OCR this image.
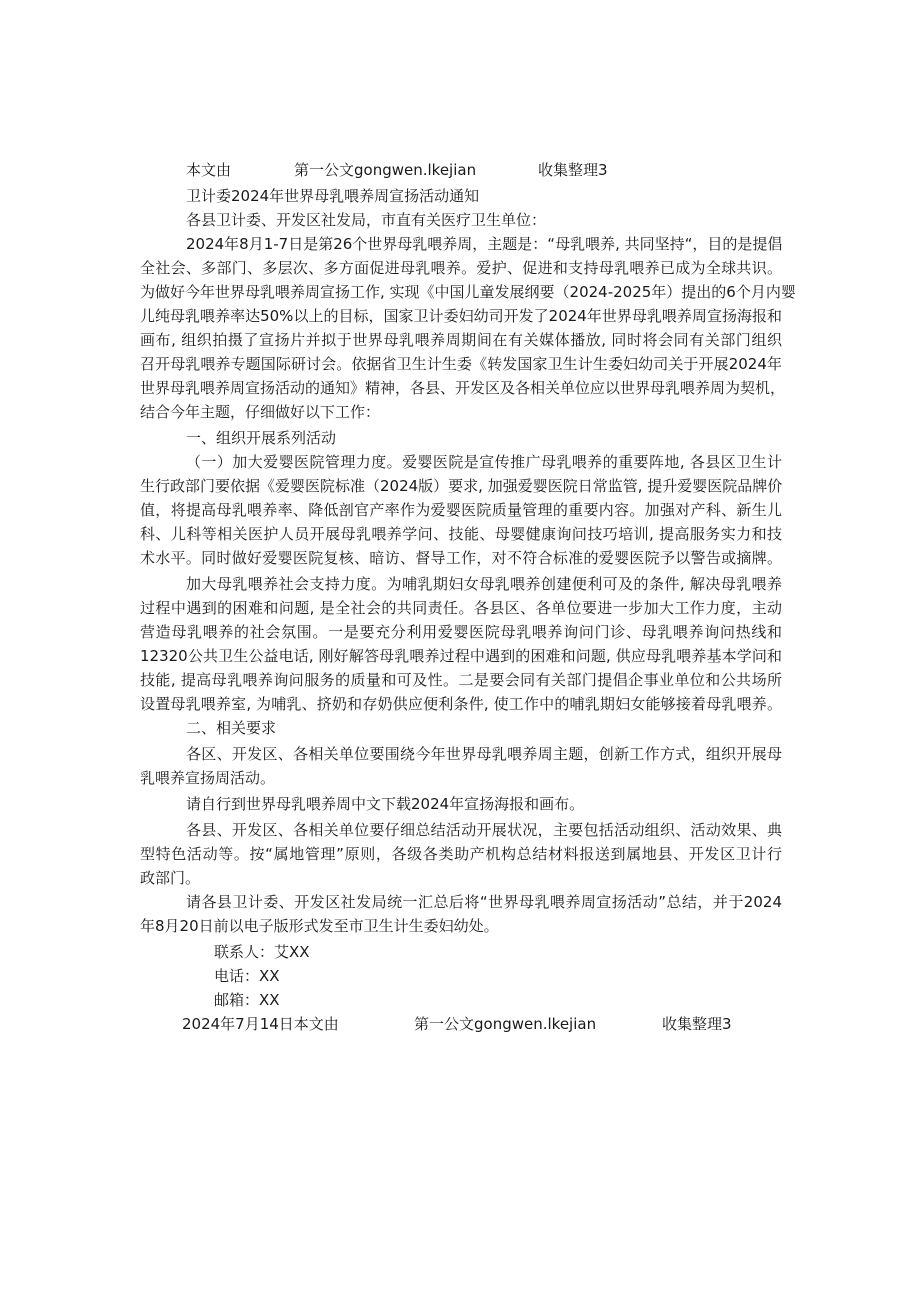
本文由	第一公文gongwen.lkejian	收集整理3
卫计委2024年世界母乳喂养周宣扬活动通知
各县卫计委、开发区社发局，市直有关医疗卫生单位：
2024年8月1-7日是第26个世界母乳喂养周，主题是：“母乳喂养, 共同坚持“，目的是提倡
全社会、多部门、多层次、多方面促进母乳喂养。爱护、促进和支持母乳喂养已成为全球共识。
为做好今年世界母乳喂养周宣扬工作, 实现《中国儿童发展纲要（2024-2025年）提出的6个月内婴
儿纯母乳喂养率达50%以上的目标，国家卫计委妇幼司开发了2024年世界母乳喂养周宣扬海报和
画布, 组织拍摄了宣扬片并拟于世界母乳喂养周期间在有关媒体播放, 同时将会同有关部门组织
召开母乳喂养专题国际研讨会。依据省卫生计生委《转发国家卫生计生委妇幼司关于开展2024年
世界母乳喂养周宣扬活动的通知》精神，各县、开发区及各相关单位应以世界母乳喂养周为契机，
结合今年主题，仔细做好以下工作：
一、组织开展系列活动
（一）加大爱婴医院管理力度。爱婴医院是宣传推广母乳喂养的重要阵地, 各县区卫生计
生行政部门要依据《爱婴医院标准（2024版）要求, 加强爱婴医院日常监管, 提升爱婴医院品牌价
值，将提高母乳喂养率、降低剖官产率作为爱婴医院质量管理的重要内容。加强对产科、新生儿
科、儿科等相关医护人员开展母乳喂养学问、技能、母婴健康询问技巧培训, 提高服务实力和技
术水平。同时做好爱婴医院复核、暗访、督导工作，对不符合标准的爱婴医院予以警告或摘牌。
加大母乳喂养社会支持力度。为哺乳期妇女母乳喂养创建便利可及的条件, 解决母乳喂养
过程中遇到的困难和问题, 是全社会的共同责任。各县区、各单位要进一步加大工作力度，主动
营造母乳喂养的社会氛围。一是要充分利用爱婴医院母乳喂养询问门诊、母乳喂养询问热线和
12320公共卫生公益电话, 刚好解答母乳喂养过程中遇到的困难和问题, 供应母乳喂养基本学问和
技能, 提高母乳喂养询问服务的质量和可及性。二是要会同有关部门提倡企事业单位和公共场所
设置母乳喂养室, 为哺乳、挤奶和存奶供应便利条件, 使工作中的哺乳期妇女能够接着母乳喂养。
二、相关要求
各区、开发区、各相关单位要围绕今年世界母乳喂养周主题，创新工作方式，组织开展母
乳喂养宣扬周活动。
请自行到世界母乳喂养周中文下载2024年宣扬海报和画布。
各县、开发区、各相关单位要仔细总结活动开展状况，主要包括活动组织、活动效果、典
型特色活动等。按“属地管理”原则，各级各类助产机构总结材料报送到属地县、开发区卫计行
政部门。
请各县卫计委、开发区社发局统一汇总后将“世界母乳喂养周宣扬活动”总结，并于2024
年8月20日前以电子版形式发至市卫生计生委妇幼处。
联系人：艾XX
电话：XX
邮箱：XX
2024年7月14日本文由	第一公文gongwen.lkejian	收集整理3
